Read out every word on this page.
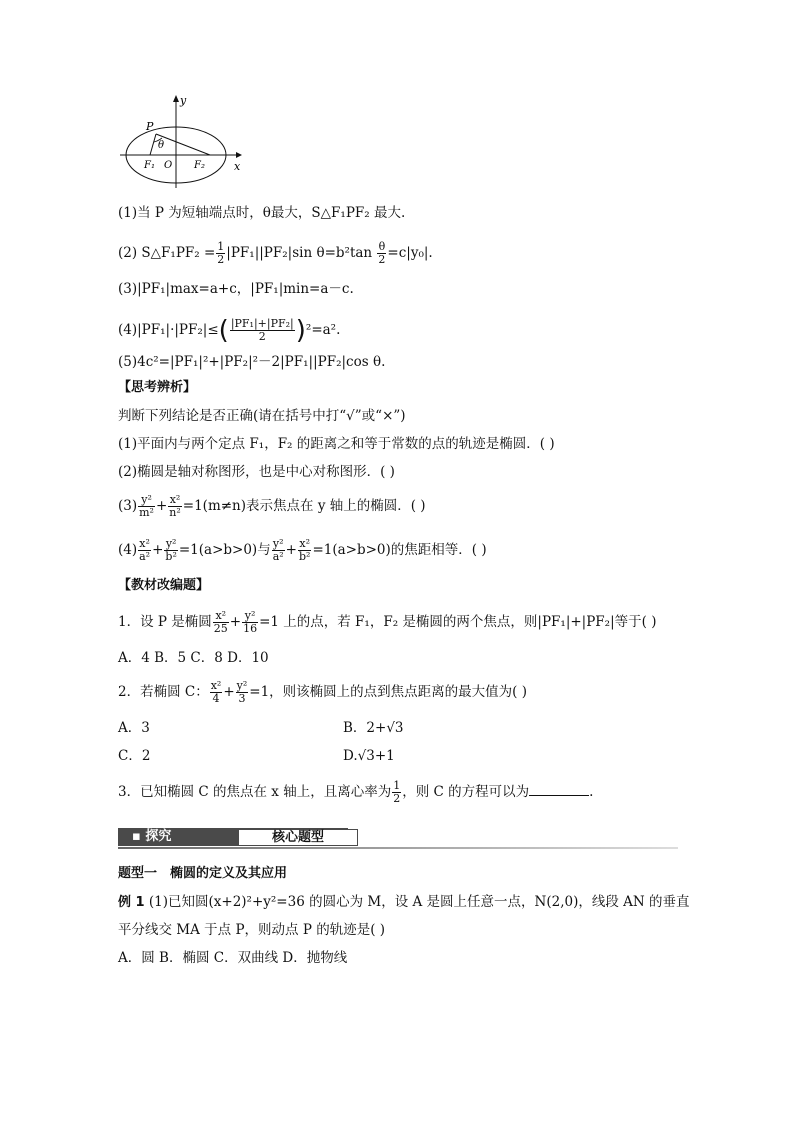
P
y
x
θ
F₁ O F₂
(1)当 P 为短轴端点时，θ最大，S△F₁PF₂ 最大.
(2) S△F₁PF₂ = $\frac{1}{2} |PF_1||PF_2|\sin$ $\theta=b^2\tan \frac{\theta}{2} =c|y_0|$.
(3)|PF₁|max=a+c，|PF₁|min=a－c.
$(4)|PF_1|\cdot|PF_2|\le( \frac{\text{|PF₁|+|PF₂|}}{2} )^2=a^2$.
(5)4c²=|PF₁|²+|PF₂|²－2|PF₁||PF₂|cos θ.
【思考辨析】
判断下列结论是否正确(请在括号中打“√”或“×”)
(1)平面内与两个定点 F₁，F₂ 的距离之和等于常数的点的轨迹是椭圆．( )
(2)椭圆是轴对称图形，也是中心对称图形．( )
$(3) \frac{\text{y²}}{\text{m²}} + \frac{\text{x²}}{\text{n²}} =1(m\ne n)$表示焦点在 y 轴上的椭圆．( )
$(4) \frac{\text{x²}}{\text{a²}} + \frac{\text{y²}}{\text{b²}} =1(a>b>0)$与 $\frac{\text{y²}}{\text{a²}} + \frac{\text{x²}}{\text{b²}} =1(a>b>0)$的焦距相等．( )
【教材改编题】
1．设 P 是椭圆 $\frac{\text{x²}}{25} + \frac{\text{y²}}{16} =1$ 上的点，若 F₁，F₂ 是椭圆的两个焦点，则|PF₁|+|PF₂|等于( )
A．4 B．5 C．8 D．10
2．若椭圆 C： $\frac{\text{x²}}{4} + \frac{\text{y²}}{3} =1$，则该椭圆上的点到焦点距离的最大值为( )
A．3	B．2+√3
C．2	D.√3+1
3．已知椭圆 C 的焦点在 x 轴上，且离心率为 $\frac{1}{2}$ ，则 C 的方程可以为	.
▪ 探究	核心题型
题型一　椭圆的定义及其应用
例 1 (1)已知圆(x+2)²+y²=36 的圆心为 M，设 A 是圆上任意一点，N(2,0)，线段 AN 的垂直
平分线交 MA 于点 P，则动点 P 的轨迹是( )
A．圆 B．椭圆 C．双曲线 D．抛物线
